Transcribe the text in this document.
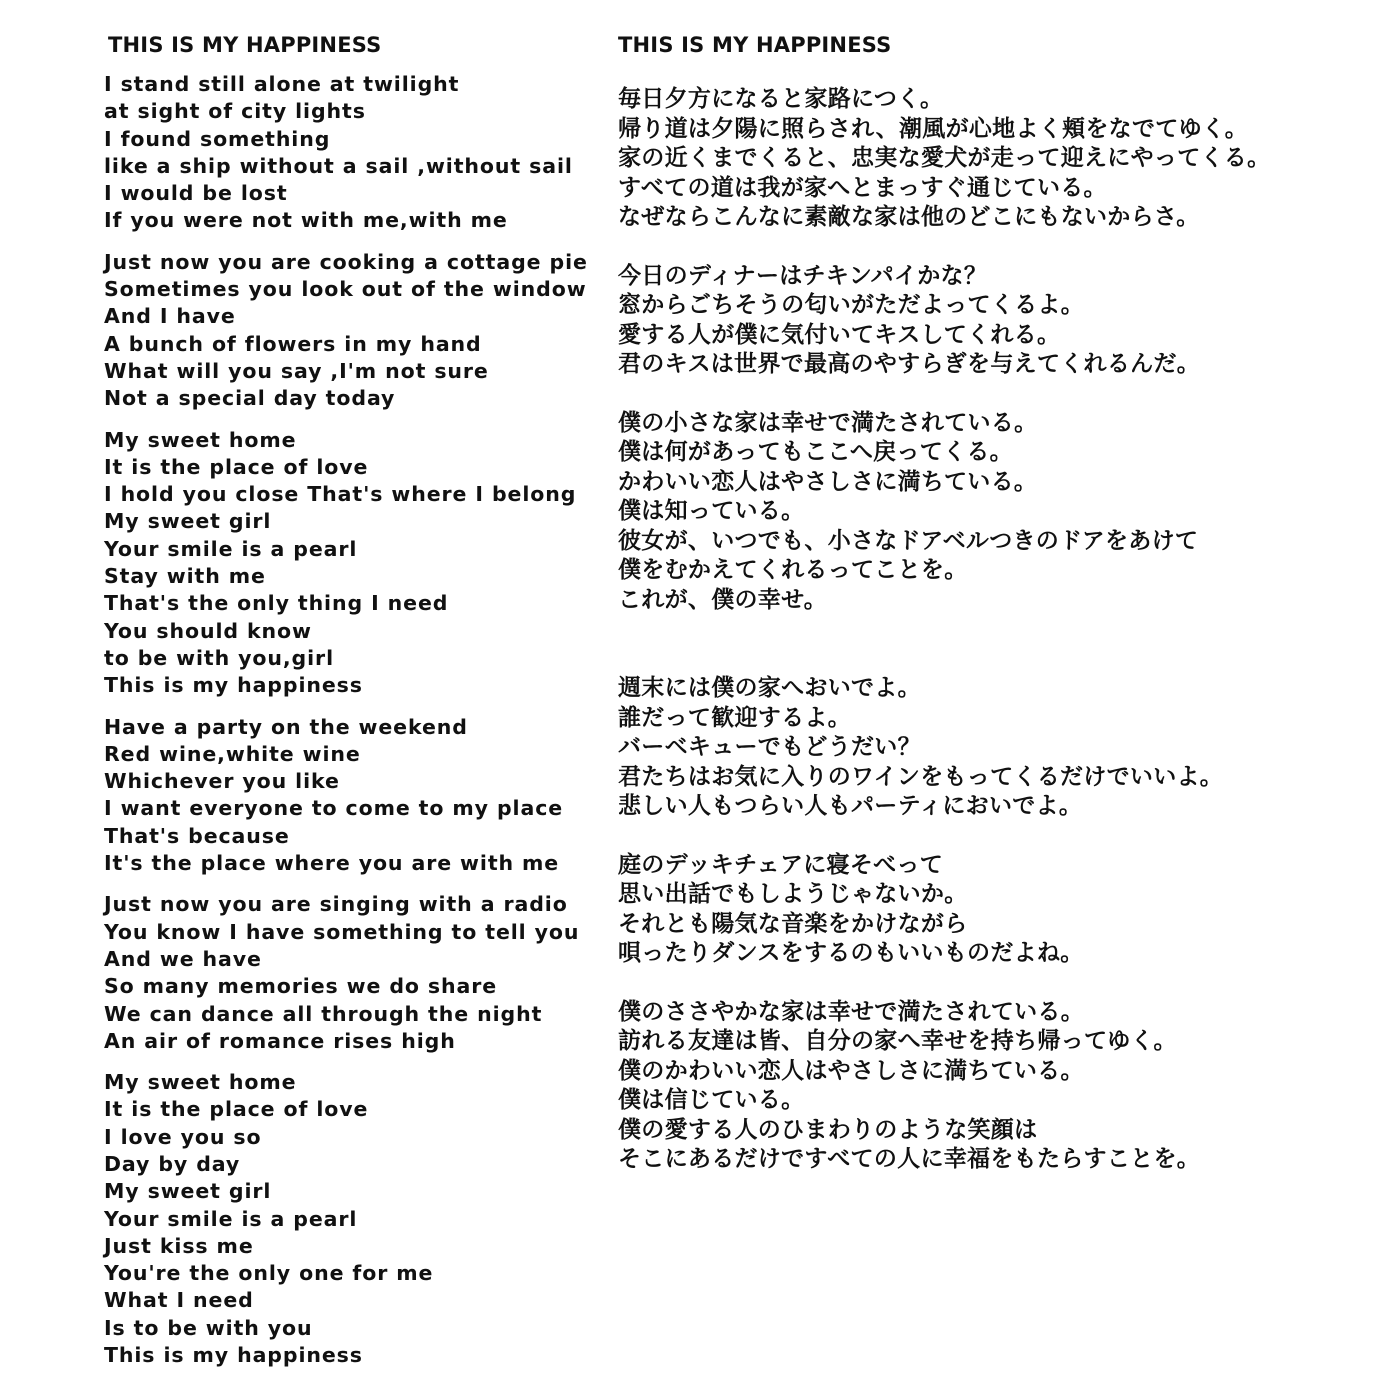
THIS IS MY HAPPINESS
I stand still alone at twilight
at sight of city lights
I found something
like a ship without a sail ,without sail
I would be lost
If you were not with me,with me
Just now you are cooking a cottage pie
Sometimes you look out of the window
And I have
A bunch of flowers in my hand
What will you say ,I'm not sure
Not a special day today
My sweet home
It is the place of love
I hold you close That's where I belong
My sweet girl
Your smile is a pearl
Stay with me
That's the only thing I need
You should know
to be with you,girl
This is my happiness
Have a party on the weekend
Red wine,white wine
Whichever you like
I want everyone to come to my place
That's because
It's the place where you are with me
Just now you are singing with a radio
You know I have something to tell you
And we have
So many memories we do share
We can dance all through the night
An air of romance rises high
My sweet home
It is the place of love
I love you so
Day by day
My sweet girl
Your smile is a pearl
Just kiss me
You're the only one for me
What I need
Is to be with you
This is my happiness
THIS IS MY HAPPINESS
毎日夕方になると家路につく。
帰り道は夕陽に照らされ、潮風が心地よく頬をなでてゆく。
家の近くまでくると、忠実な愛犬が走って迎えにやってくる。
すべての道は我が家へとまっすぐ通じている。
なぜならこんなに素敵な家は他のどこにもないからさ。
今日のディナーはチキンパイかな？
窓からごちそうの匂いがただよってくるよ。
愛する人が僕に気付いてキスしてくれる。
君のキスは世界で最高のやすらぎを与えてくれるんだ。
僕の小さな家は幸せで満たされている。
僕は何があってもここへ戻ってくる。
かわいい恋人はやさしさに満ちている。
僕は知っている。
彼女が、いつでも、小さなドアベルつきのドアをあけて
僕をむかえてくれるってことを。
これが、僕の幸せ。
週末には僕の家へおいでよ。
誰だって歓迎するよ。
バーベキューでもどうだい？
君たちはお気に入りのワインをもってくるだけでいいよ。
悲しい人もつらい人もパーティにおいでよ。
庭のデッキチェアに寝そべって
思い出話でもしようじゃないか。
それとも陽気な音楽をかけながら
唄ったりダンスをするのもいいものだよね。
僕のささやかな家は幸せで満たされている。
訪れる友達は皆、自分の家へ幸せを持ち帰ってゆく。
僕のかわいい恋人はやさしさに満ちている。
僕は信じている。
僕の愛する人のひまわりのような笑顔は
そこにあるだけですべての人に幸福をもたらすことを。
